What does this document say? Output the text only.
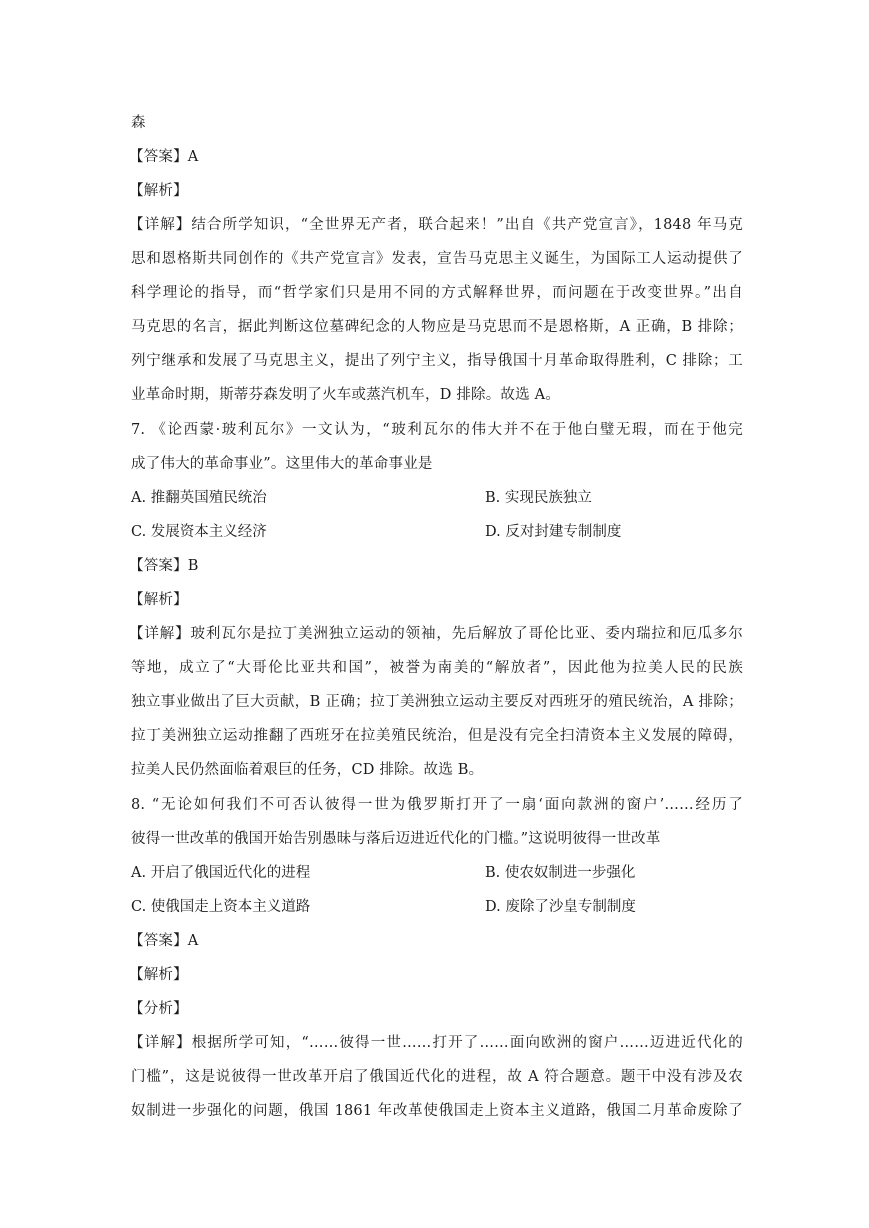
森
【答案】A
【解析】
【详解】结合所学知识，“全世界无产者，联合起来！”出自《共产党宣言》，1848 年马克
思和恩格斯共同创作的《共产党宣言》发表，宣告马克思主义诞生，为国际工人运动提供了
科学理论的指导，而“哲学家们只是用不同的方式解释世界，而问题在于改变世界。”出自
马克思的名言，据此判断这位墓碑纪念的人物应是马克思而不是恩格斯，A 正确，B 排除；
列宁继承和发展了马克思主义，提出了列宁主义，指导俄国十月革命取得胜利，C 排除；工
业革命时期，斯蒂芬森发明了火车或蒸汽机车，D 排除。故选 A。
7. 《论西蒙·玻利瓦尔》一文认为，“玻利瓦尔的伟大并不在于他白璧无瑕，而在于他完
成了伟大的革命事业”。这里伟大的革命事业是
A. 推翻英国殖民统治	B. 实现民族独立
C. 发展资本主义经济	D. 反对封建专制制度
【答案】B
【解析】
【详解】玻利瓦尔是拉丁美洲独立运动的领袖，先后解放了哥伦比亚、委内瑞拉和厄瓜多尔
等地，成立了“大哥伦比亚共和国”，被誉为南美的“解放者”，因此他为拉美人民的民族
独立事业做出了巨大贡献，B 正确；拉丁美洲独立运动主要反对西班牙的殖民统治，A 排除；
拉丁美洲独立运动推翻了西班牙在拉美殖民统治，但是没有完全扫清资本主义发展的障碍，
拉美人民仍然面临着艰巨的任务，CD 排除。故选 B。
8. “无论如何我们不可否认彼得一世为俄罗斯打开了一扇‘面向款洲的窗户’……经历了
彼得一世改革的俄国开始告别愚昧与落后迈进近代化的门槛。”这说明彼得一世改革
A. 开启了俄国近代化的进程	B. 使农奴制进一步强化
C. 使俄国走上资本主义道路	D. 废除了沙皇专制制度
【答案】A
【解析】
【分析】
【详解】根据所学可知，“……彼得一世……打开了……面向欧洲的窗户……迈进近代化的
门槛”，这是说彼得一世改革开启了俄国近代化的进程，故 A 符合题意。题干中没有涉及农
奴制进一步强化的问题，俄国 1861 年改革使俄国走上资本主义道路，俄国二月革命废除了
